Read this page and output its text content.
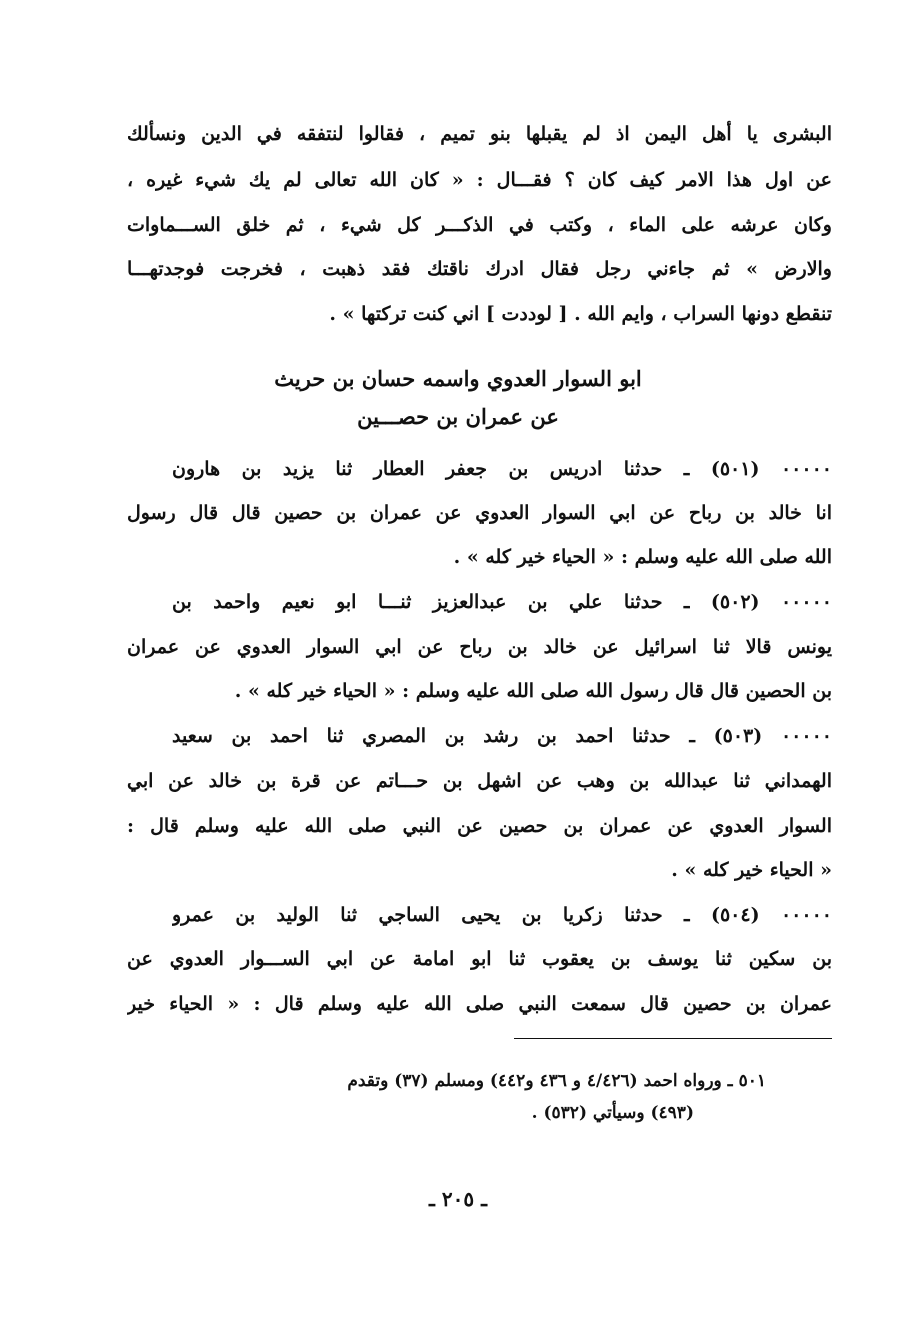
البشرى يا أهل اليمن اذ لم يقبلها بنو تميم ، فقالوا لنتفقه في الدين ونسألك
عن اول هذا الامر كيف كان ؟ فقـــال : « كان الله تعالى لم يك شيء غيره ،
وكان عرشه على الماء ، وكتب في الذكـــر كل شيء ، ثم خلق الســـماوات
والارض » ثم جاءني رجل فقال ادرك ناقتك فقد ذهبت ، فخرجت فوجدتهـــا
تنقطع دونها السراب ، وايم الله . [ لوددت ] اني كنت تركتها » .
ابو السوار العدوي واسمه حسان بن حريث
عن عمران بن حصـــين
٠٠٠٠٠ (٥٠١) ـ حدثنا ادريس بن جعفر العطار ثنا يزيد بن هارون
انا خالد بن رباح عن ابي السوار العدوي عن عمران بن حصين قال قال رسول
الله صلى الله عليه وسلم : « الحياء خير كله » .
٠٠٠٠٠ (٥٠٢) ـ حدثنا علي بن عبدالعزيز ثنـــا ابو نعيم واحمد بن
يونس قالا ثنا اسرائيل عن خالد بن رباح عن ابي السوار العدوي عن عمران
بن الحصين قال قال رسول الله صلى الله عليه وسلم : « الحياء خير كله » .
٠٠٠٠٠ (٥٠٣) ـ حدثنا احمد بن رشد بن المصري ثنا احمد بن سعيد
الهمداني ثنا عبدالله بن وهب عن اشهل بن حـــاتم عن قرة بن خالد عن ابي
السوار العدوي عن عمران بن حصين عن النبي صلى الله عليه وسلم قال :
« الحياء خير كله » .
٠٠٠٠٠ (٥٠٤) ـ حدثنا زكريا بن يحيى الساجي ثنا الوليد بن عمرو
بن سكين ثنا يوسف بن يعقوب ثنا ابو امامة عن ابي الســـوار العدوي عن
عمران بن حصين قال سمعت النبي صلى الله عليه وسلم قال : « الحياء خير
٥٠١ ـ ورواه احمد (٤/٤٢٦ و ٤٣٦ و٤٤٢) ومسلم (٣٧) وتقدم
(٤٩٣) وسيأتي (٥٣٢) .
ـ ٢٠٥ ـ
